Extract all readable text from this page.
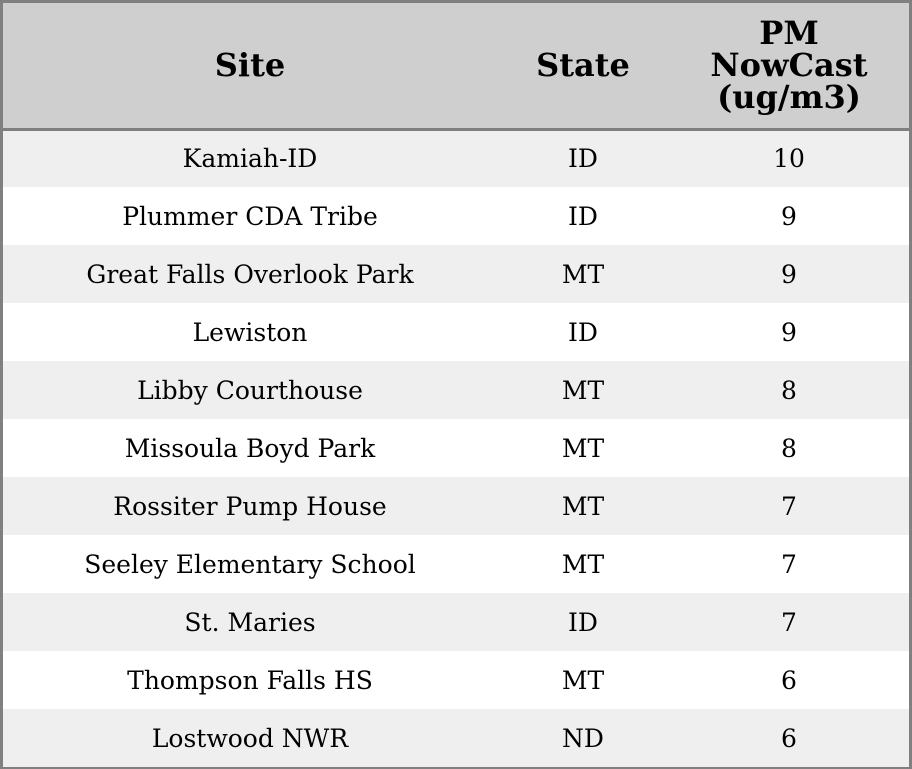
Site	State	PM
NowCast
(ug/m3)
Kamiah-ID	ID	10
Plummer CDA Tribe	ID	9
Great Falls Overlook Park	MT	9
Lewiston	ID	9
Libby Courthouse	MT	8
Missoula Boyd Park	MT	8
Rossiter Pump House	MT	7
Seeley Elementary School	MT	7
St. Maries	ID	7
Thompson Falls HS	MT	6
Lostwood NWR	ND	6
